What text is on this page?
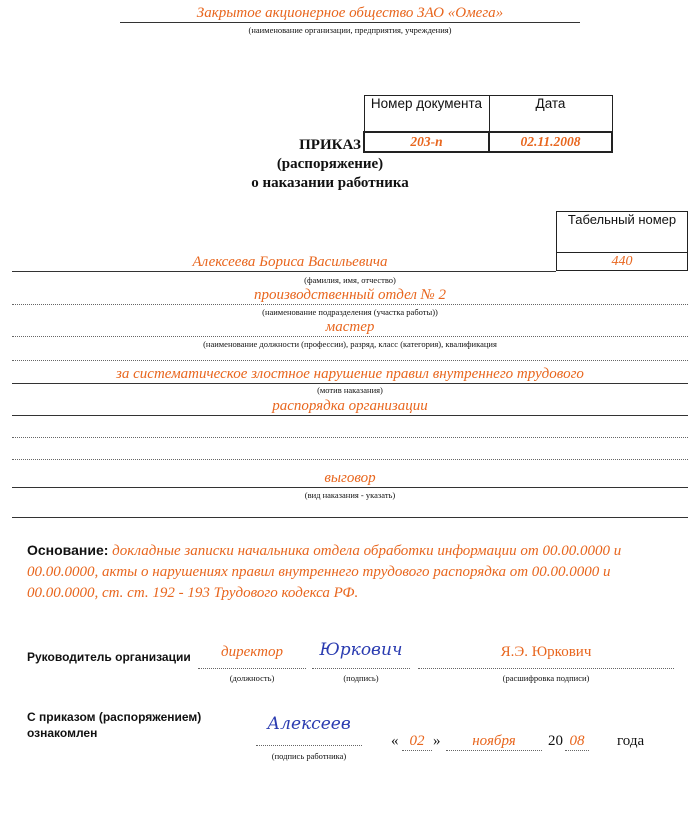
Закрытое акционерное общество ЗАО «Омега»
(наименование организации, предприятия, учреждения)
Номер документа	Дата
203-п	02.11.2008
ПРИКАЗ
(распоряжение)
о наказании работника
Табельный номер
440
Алексеева Бориса Васильевича
(фамилия, имя, отчество)
производственный отдел № 2
(наименование подразделения (участка работы))
мастер
(наименование должности (профессии), разряд, класс (категория), квалификация
за систематическое злостное нарушение правил внутреннего трудового
(мотив наказания)
распорядка организации
выговор
(вид наказания - указать)
Основание: докладные записки начальника отдела обработки информации от 00.00.0000 и
00.00.0000, акты о нарушениях правил внутреннего трудового распорядка от 00.00.0000 и
00.00.0000, ст. ст. 192 - 193 Трудового кодекса РФ.
Руководитель организации	директор
(должность)
Юркович
(подпись)
Я.Э. Юркович
(расшифровка подписи)
С приказом (распоряжением)
ознакомлен	Алексеев
(подпись работника)
« 02 »	ноября	20 08	года
